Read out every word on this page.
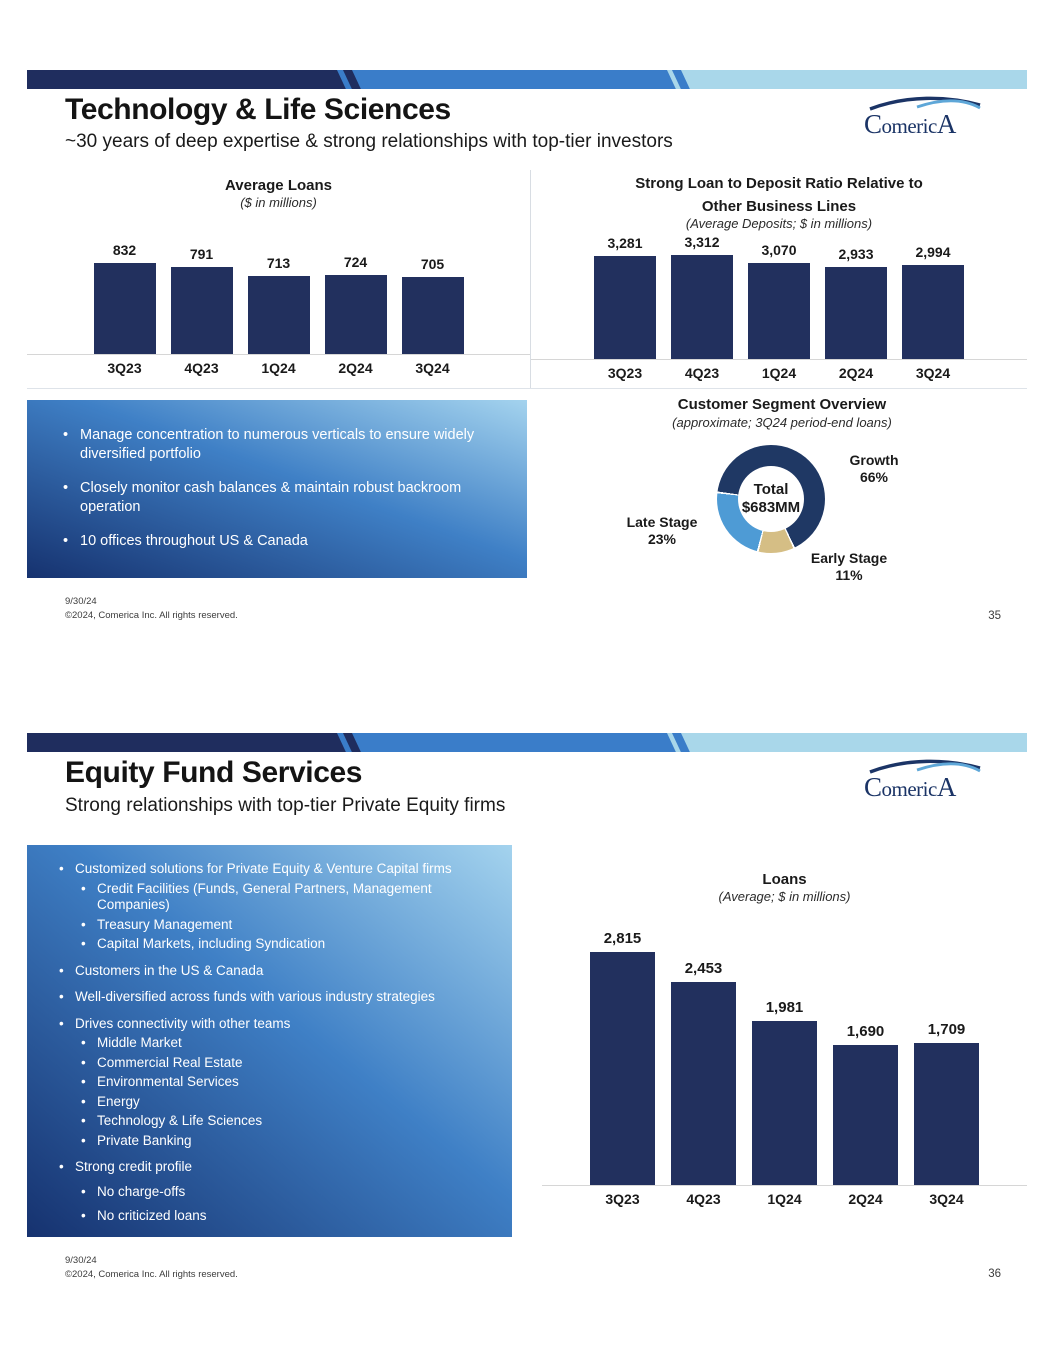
Technology & Life Sciences
~30 years of deep expertise & strong relationships with top-tier investors
ComericA
Average Loans
($ in millions)
832	791
713	724	705
3Q23	4Q23	1Q24	2Q24	3Q24
Strong Loan to Deposit Ratio Relative to
Other Business Lines
(Average Deposits; $ in millions)
3,281	3,312	3,070	2,933	2,994
3Q23	4Q23	1Q24	2Q24	3Q24
• Manage concentration to numerous verticals to ensure widely diversified portfolio
• Closely monitor cash balances & maintain robust backroom operation
• 10 offices throughout US & Canada
Customer Segment Overview
(approximate; 3Q24 period-end loans)
Total
$683MM
Growth
66%
Late Stage
23%
Early Stage
11%
9/30/24
©2024, Comerica Inc. All rights reserved.	35
Equity Fund Services
Strong relationships with top-tier Private Equity firms
ComericA
• Customized solutions for Private Equity & Venture Capital firms
• Credit Facilities (Funds, General Partners, Management Companies)
• Treasury Management
• Capital Markets, including Syndication
• Customers in the US & Canada
• Well-diversified across funds with various industry strategies
• Drives connectivity with other teams
• Middle Market
• Commercial Real Estate
• Environmental Services
• Energy
• Technology & Life Sciences
• Private Banking
• Strong credit profile
• No charge-offs
• No criticized loans
Loans
(Average; $ in millions)
2,815
2,453
1,981
1,690	1,709
3Q23	4Q23	1Q24	2Q24	3Q24
9/30/24
©2024, Comerica Inc. All rights reserved.	36
